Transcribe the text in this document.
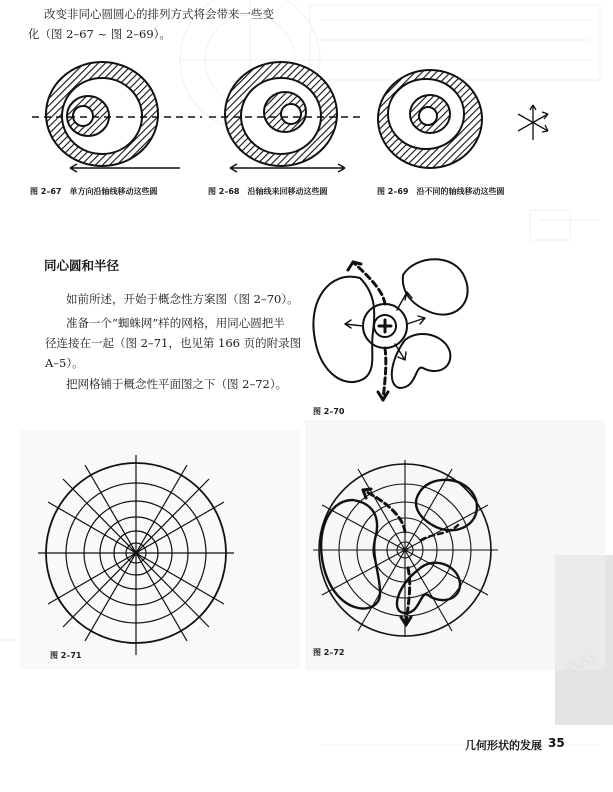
改变非同心圆圆心的排列方式将会带来一些变

化（图 2–67 ~ 图 2–69）。

图 2–67　单方向沿轴线移动这些圆	图 2–68　沿轴线来回移动这些圆	图 2–69　沿不同的轴线移动这些圆

同心圆和半径

如前所述，开始于概念性方案图（图 2–70）。

准备一个“蜘蛛网”样的网格，用同心圆把半

径连接在一起（图 2–71，也见第 166 页的附录图

A–5）。

把网格铺于概念性平面图之下（图 2–72）。

图 2–70

图 2–71	图 2–72	PDG
几何形状的发展 35
